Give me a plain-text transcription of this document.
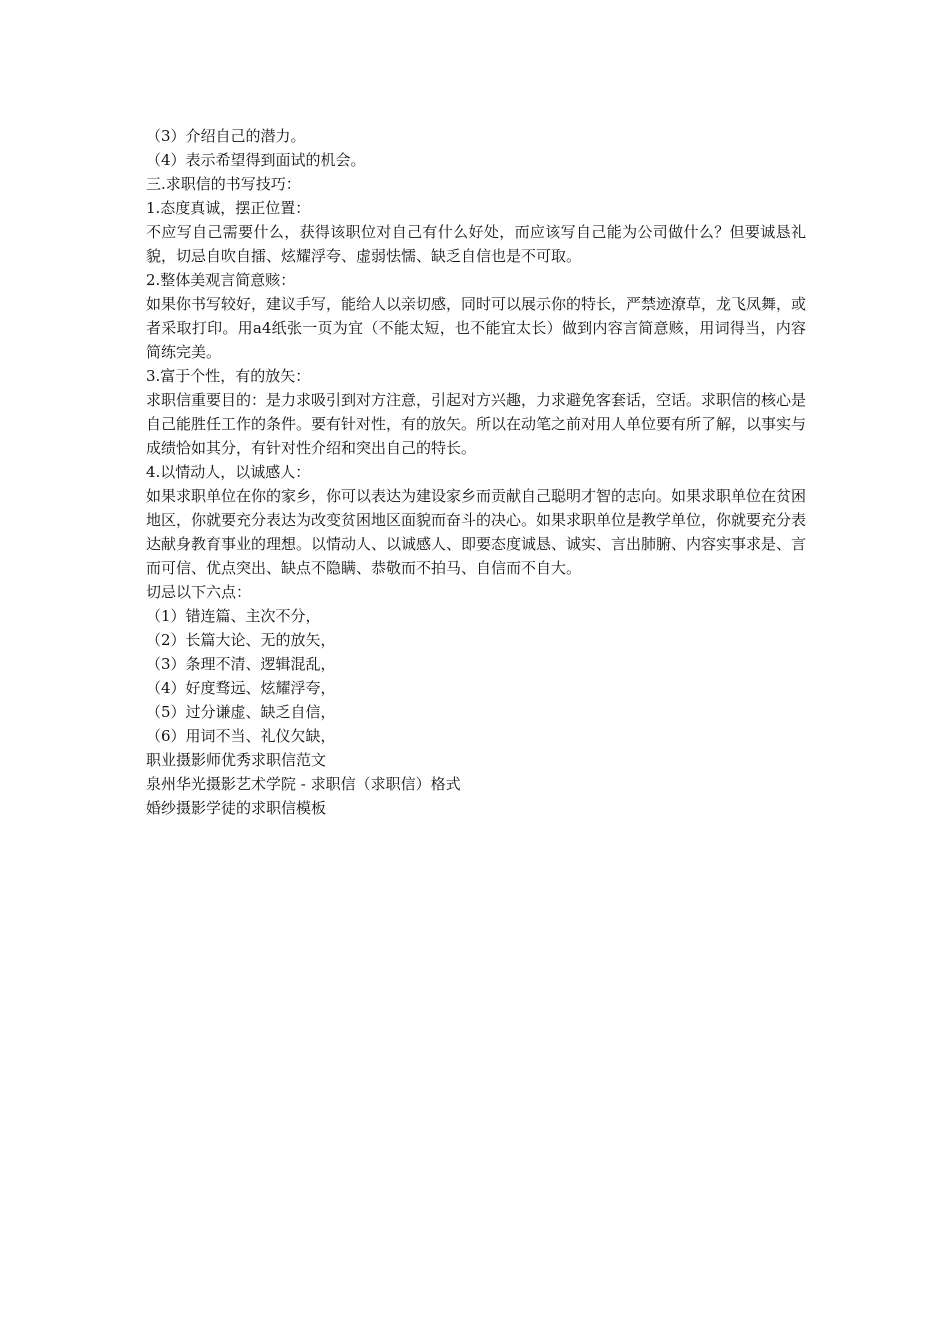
（3）介绍自己的潜力。
（4）表示希望得到面试的机会。
三.求职信的书写技巧：
1.态度真诚，摆正位置：
不应写自己需要什么，获得该职位对自己有什么好处，而应该写自己能为公司做什么？但要诚恳礼貌，切忌自吹自擂、炫耀浮夸、虚弱怯懦、缺乏自信也是不可取。
2.整体美观言简意赅：
如果你书写较好，建议手写，能给人以亲切感，同时可以展示你的特长，严禁迹潦草，龙飞凤舞，或者采取打印。用a4纸张一页为宜（不能太短，也不能宜太长）做到内容言简意赅，用词得当，内容简练完美。
3.富于个性，有的放矢：
求职信重要目的：是力求吸引到对方注意，引起对方兴趣，力求避免客套话，空话。求职信的核心是自己能胜任工作的条件。要有针对性，有的放矢。所以在动笔之前对用人单位要有所了解，以事实与成绩恰如其分，有针对性介绍和突出自己的特长。
4.以情动人，以诚感人：
如果求职单位在你的家乡，你可以表达为建设家乡而贡献自己聪明才智的志向。如果求职单位在贫困地区，你就要充分表达为改变贫困地区面貌而奋斗的决心。如果求职单位是教学单位，你就要充分表达献身教育事业的理想。以情动人、以诚感人、即要态度诚恳、诚实、言出肺腑、内容实事求是、言而可信、优点突出、缺点不隐瞒、恭敬而不拍马、自信而不自大。
切忌以下六点：
（1）错连篇、主次不分，
（2）长篇大论、无的放矢，
（3）条理不清、逻辑混乱，
（4）好度骛远、炫耀浮夸，
（5）过分谦虚、缺乏自信，
（6）用词不当、礼仪欠缺，
职业摄影师优秀求职信范文
泉州华光摄影艺术学院 - 求职信（求职信）格式
婚纱摄影学徒的求职信模板
